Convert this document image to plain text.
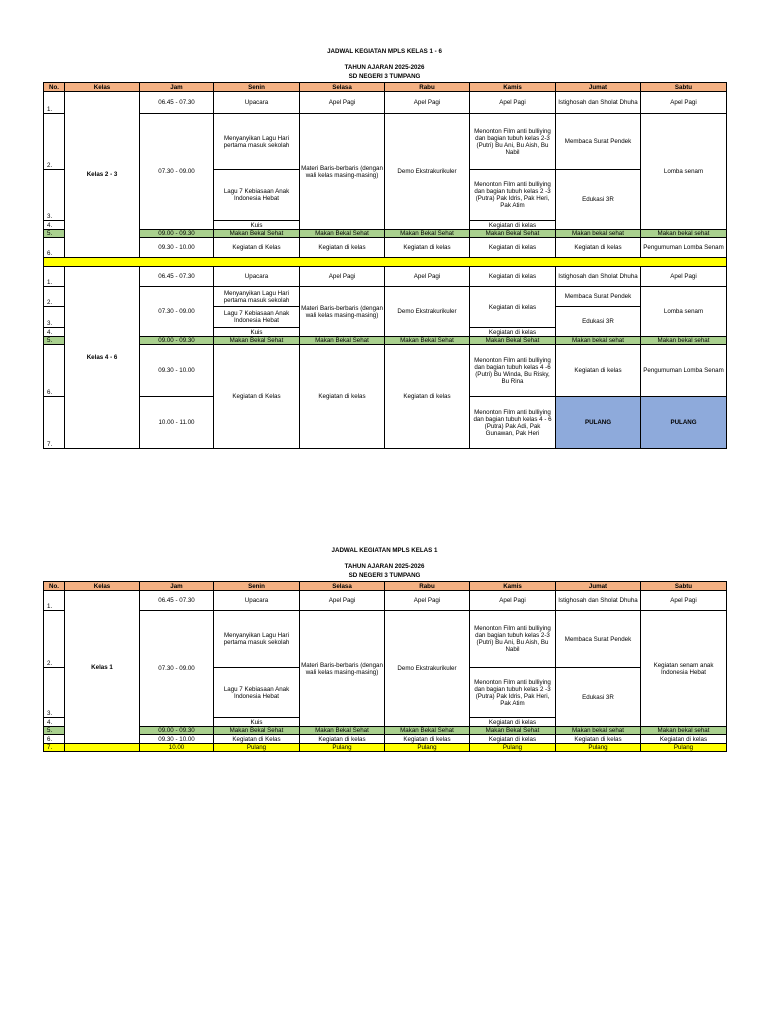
JADWAL KEGIATAN MPLS KELAS 1 - 6
TAHUN AJARAN 2025-2026
SD NEGERI 3 TUMPANG
No.	Kelas	Jam	Senin	Selasa	Rabu	Kamis	Jumat	Sabtu
1.	Kelas 2 - 3	06.45 - 07.30	Upacara	Apel Pagi	Apel Pagi	Apel Pagi	Istighosah dan Sholat Dhuha	Apel Pagi
2.		07.30 - 09.00	Menyanyikan Lagu Hari pertama masuk sekolah	Materi Baris-berbaris (dengan wali kelas masing-masing)	Demo Ekstrakurikuler	Menonton Film anti bulliying dan bagian tubuh kelas 2-3 (Putri) Bu Ani, Bu Aish, Bu Nabil	Membaca Surat Pendek	Lomba senam
3.			Lagu 7 Kebiasaan Anak Indonesia Hebat			Menonton Film anti bulliying dan bagian tubuh kelas 2 -3 (Putra) Pak Idris, Pak Heri, Pak Atim	Edukasi 3R	
4.			Kuis			Kegiatan di kelas		
5.		09.00 - 09.30	Makan Bekal Sehat	Makan Bekal Sehat	Makan Bekal Sehat	Makan Bekal Sehat	Makan bekal sehat	Makan bekal sehat
6.		09.30 - 10.00	Kegiatan di Kelas	Kegiatan di kelas	Kegiatan di kelas	Kegiatan di kelas	Kegiatan di kelas	Pengumuman Lomba Senam

1.	Kelas 4 - 6	06.45 - 07.30	Upacara	Apel Pagi	Apel Pagi	Kegiatan di kelas	Istighosah dan Sholat Dhuha	Apel Pagi
2.		07.30 - 09.00	Menyanyikan Lagu Hari pertama masuk sekolah	Materi Baris-berbaris (dengan wali kelas masing-masing)	Demo Ekstrakurikuler	Kegiatan di kelas	Membaca Surat Pendek	Lomba senam
3.			Lagu 7 Kebiasaan Anak Indonesia Hebat				Edukasi 3R	
4.			Kuis			Kegiatan di kelas		
5.		09.00 - 09.30	Makan Bekal Sehat	Makan Bekal Sehat	Makan Bekal Sehat	Makan Bekal Sehat	Makan bekal sehat	Makan bekal sehat
6.		09.30 - 10.00	Kegiatan di Kelas	Kegiatan di kelas	Kegiatan di kelas	Menonton Film anti bulliying dan bagian tubuh kelas 4 -6 (Putri) Bu Winda, Bu Risky, Bu Rina	Kegiatan di kelas	Pengumuman Lomba Senam
7.		10.00 - 11.00				Menonton Film anti bulliying dan bagian tubuh kelas 4 - 6 (Putra) Pak Adi, Pak Gunawan, Pak Heri	PULANG	PULANG
JADWAL KEGIATAN MPLS KELAS 1
TAHUN AJARAN 2025-2026
SD NEGERI 3 TUMPANG
No.	Kelas	Jam	Senin	Selasa	Rabu	Kamis	Jumat	Sabtu
1.	Kelas 1	06.45 - 07.30	Upacara	Apel Pagi	Apel Pagi	Apel Pagi	Istighosah dan Sholat Dhuha	Apel Pagi
2.		07.30 - 09.00	Menyanyikan Lagu Hari pertama masuk sekolah	Materi Baris-berbaris (dengan wali kelas masing-masing)	Demo Ekstrakurikuler	Menonton Film anti bulliying dan bagian tubuh kelas 2-3 (Putri) Bu Ani, Bu Aish, Bu Nabil	Membaca Surat Pendek	Kegiatan senam anak Indonesia Hebat
3.			Lagu 7 Kebiasaan Anak Indonesia Hebat			Menonton Film anti bulliying dan bagian tubuh kelas 2 -3 (Putra) Pak Idris, Pak Heri, Pak Atim	Edukasi 3R	
4.			Kuis			Kegiatan di kelas		
5.		09.00 - 09.30	Makan Bekal Sehat	Makan Bekal Sehat	Makan Bekal Sehat	Makan Bekal Sehat	Makan bekal sehat	Makan bekal sehat
6.		09.30 - 10.00	Kegiatan di Kelas	Kegiatan di kelas	Kegiatan di kelas	Kegiatan di kelas	Kegiatan di kelas	Kegiatan di kelas
7.		10.00	Pulang	Pulang	Pulang	Pulang	Pulang	Pulang
